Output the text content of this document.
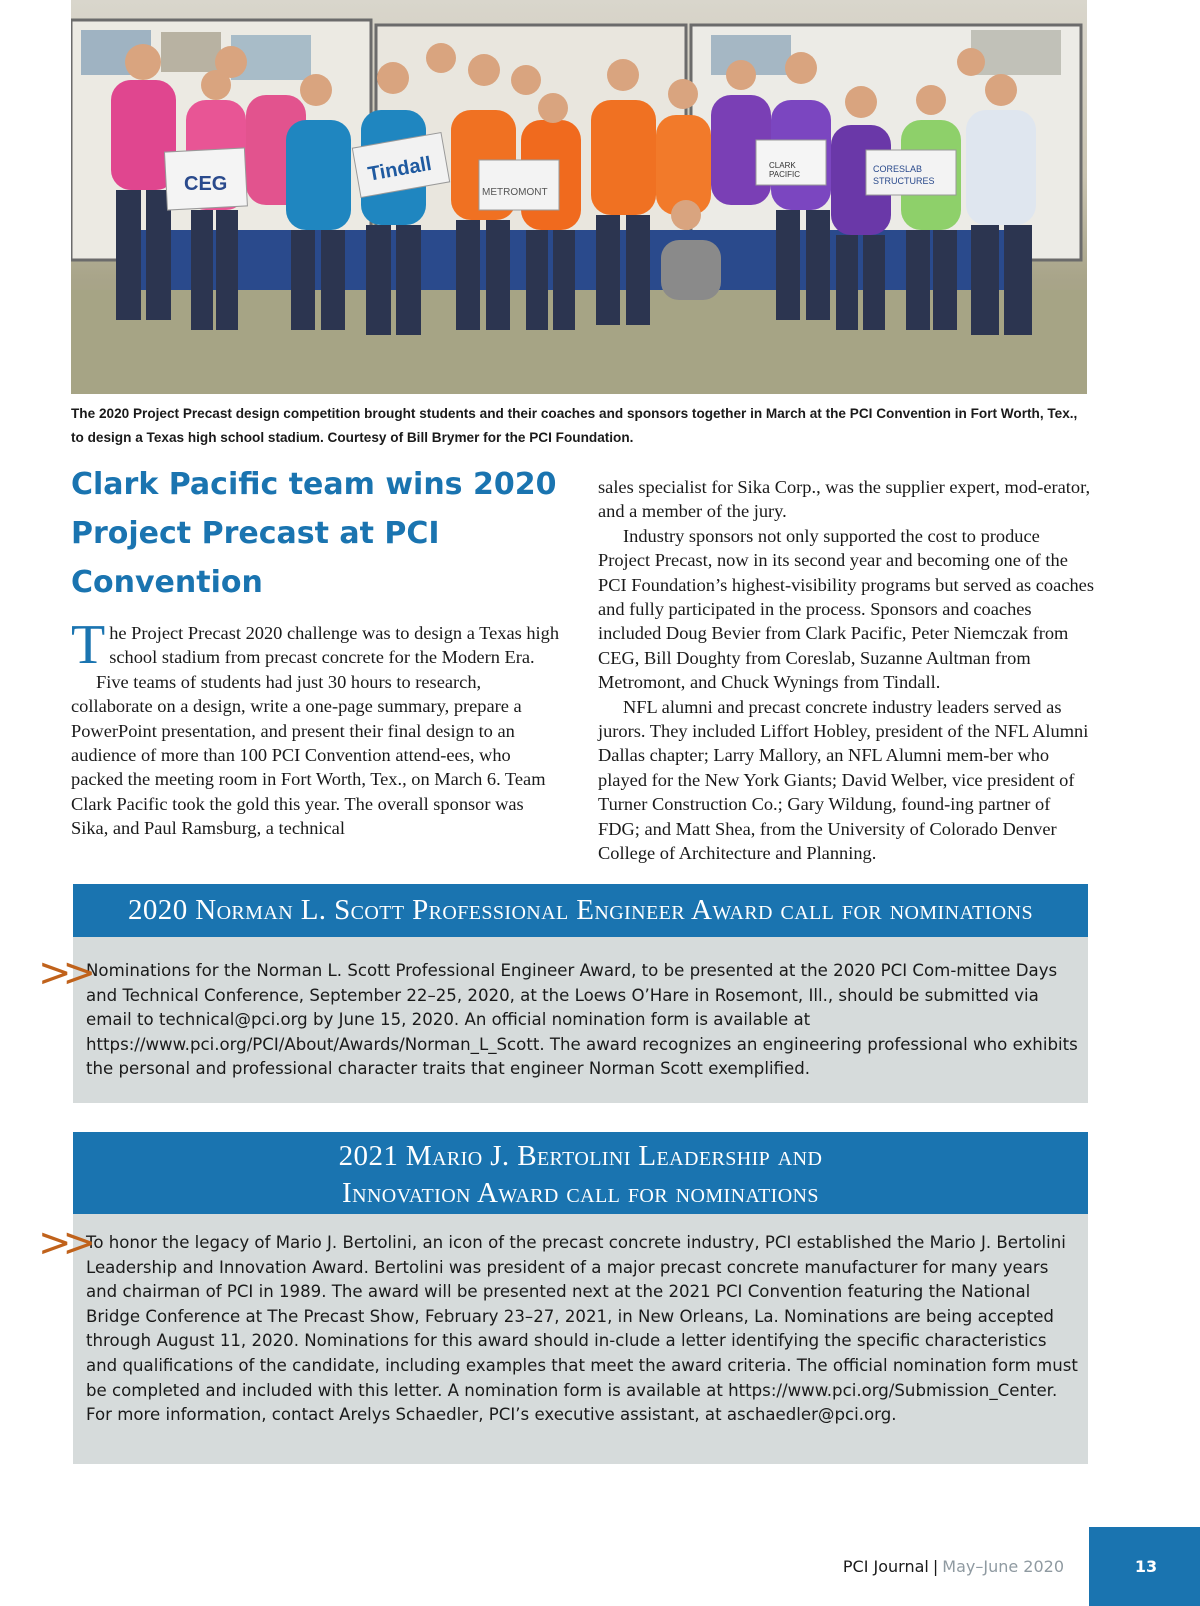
CEG	Tindall
METROMONT
CLARK
PACIFIC
CORESLAB
STRUCTURES
The 2020 Project Precast design competition brought students and their coaches and sponsors together in March at the PCI Convention in Fort Worth, Tex., to design a Texas high school stadium. Courtesy of Bill Brymer for the PCI Foundation.
Clark Pacific team wins 2020 Project Precast at PCI Convention

The Project Precast 2020 challenge was to design a Texas high school stadium from precast concrete for the Modern Era.

Five teams of students had just 30 hours to research, collaborate on a design, write a one-page summary, prepare a PowerPoint presentation, and present their final design to an audience of more than 100 PCI Convention attend-ees, who packed the meeting room in Fort Worth, Tex., on March 6. Team Clark Pacific took the gold this year. The overall sponsor was Sika, and Paul Ramsburg, a technical

sales specialist for Sika Corp., was the supplier expert, mod-erator, and a member of the jury.

Industry sponsors not only supported the cost to produce Project Precast, now in its second year and becoming one of the PCI Foundation’s highest-visibility programs but served as coaches and fully participated in the process. Sponsors and coaches included Doug Bevier from Clark Pacific, Peter Niemczak from CEG, Bill Doughty from Coreslab, Suzanne Aultman from Metromont, and Chuck Wynings from Tindall.

NFL alumni and precast concrete industry leaders served as jurors. They included Liffort Hobley, president of the NFL Alumni Dallas chapter; Larry Mallory, an NFL Alumni mem-ber who played for the New York Giants; David Welber, vice president of Turner Construction Co.; Gary Wildung, found-ing partner of FDG; and Matt Shea, from the University of Colorado Denver College of Architecture and Planning.

2020 Norman L. Scott Professional Engineer Award call for nominations
Nominations for the Norman L. Scott Professional Engineer Award, to be presented at the 2020 PCI Com-mittee Days and Technical Conference, September 22–25, 2020, at the Loews O’Hare in Rosemont, Ill., should be submitted via email to technical@pci.org by June 15, 2020. An official nomination form is available at https://www.pci.org/PCI/About/Awards/Norman_L_Scott. The award recognizes an engineering professional who exhibits the personal and professional character traits that engineer Norman Scott exemplified.
>>
2021 Mario J. Bertolini Leadership and
Innovation Award call for nominations
To honor the legacy of Mario J. Bertolini, an icon of the precast concrete industry, PCI established the Mario J. Bertolini Leadership and Innovation Award. Bertolini was president of a major precast concrete manufacturer for many years and chairman of PCI in 1989. The award will be presented next at the 2021 PCI Convention featuring the National Bridge Conference at The Precast Show, February 23–27, 2021, in New Orleans, La. Nominations are being accepted through August 11, 2020. Nominations for this award should in-clude a letter identifying the specific characteristics and qualifications of the candidate, including examples that meet the award criteria. The official nomination form must be completed and included with this letter. A nomination form is available at https://www.pci.org/Submission_Center. For more information, contact Arelys Schaedler, PCI’s executive assistant, at aschaedler@pci.org.
>>
PCI Journal | May–June 2020	13
